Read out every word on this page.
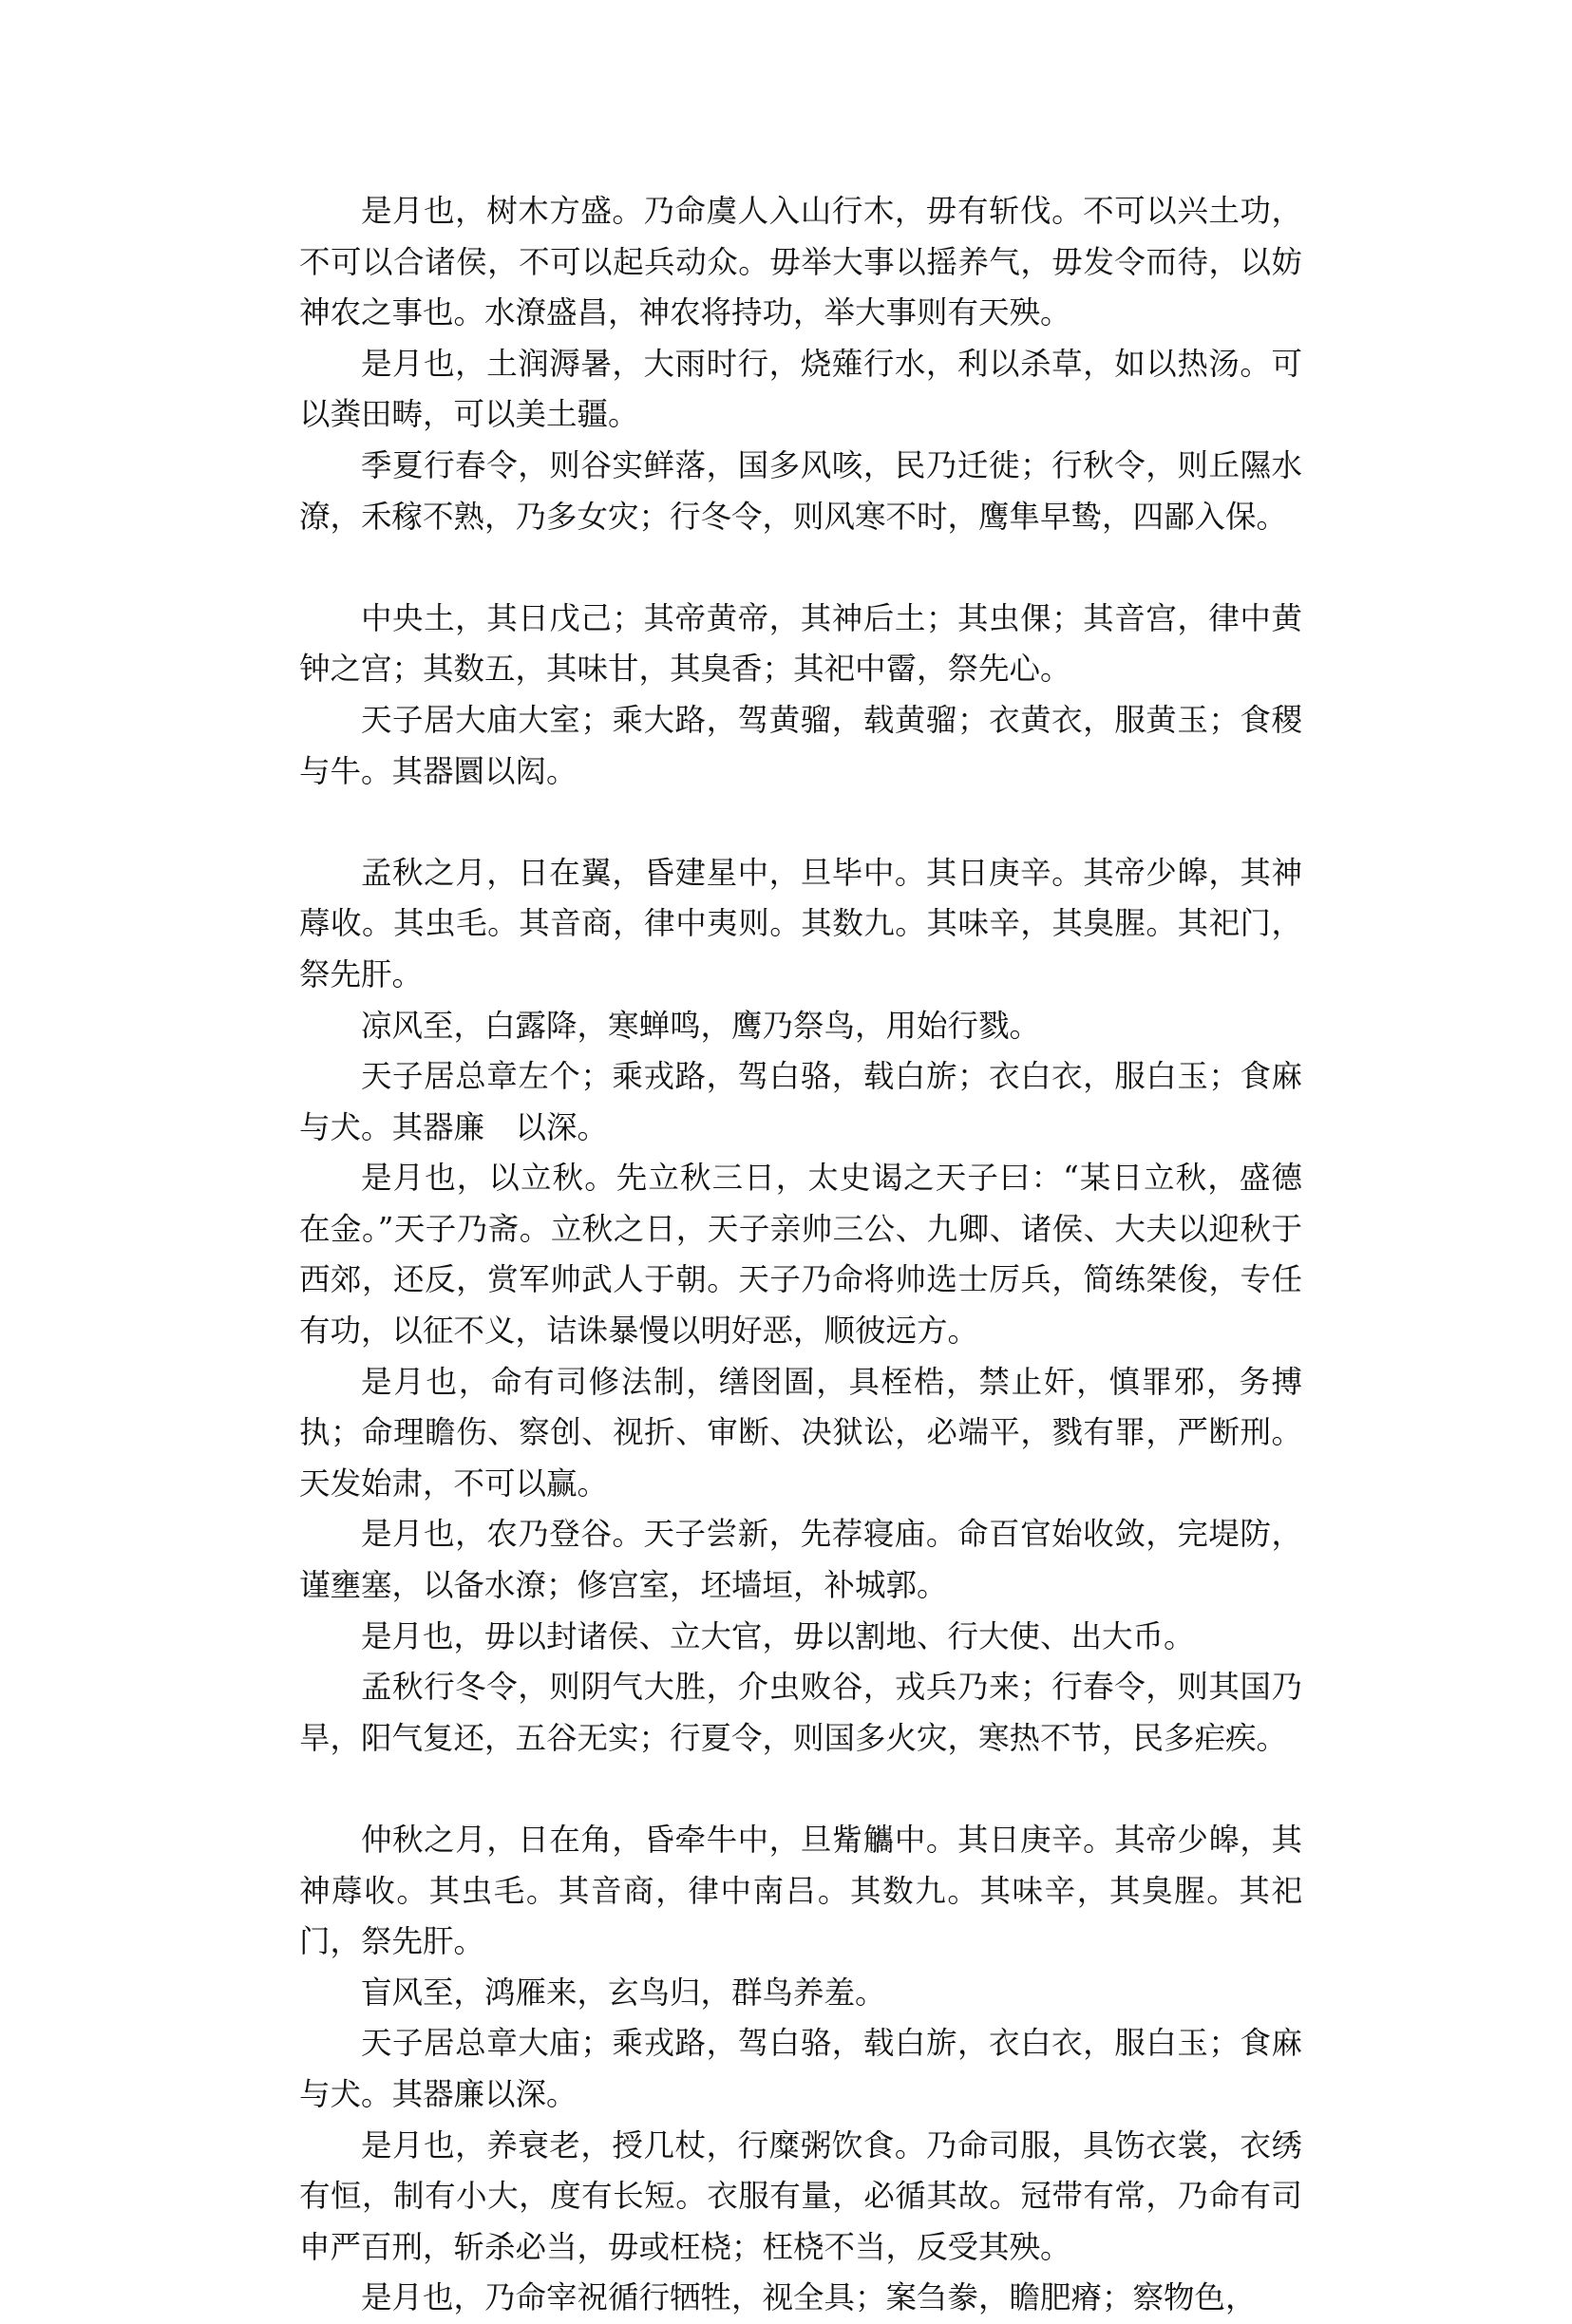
是月也，树木方盛。乃命虞人入山行木，毋有斩伐。不可以兴土功，不可以合诸侯，不可以起兵动众。毋举大事以摇养气，毋发令而待，以妨神农之事也。水潦盛昌，神农将持功，举大事则有天殃。

是月也，土润溽暑，大雨时行，烧薙行水，利以杀草，如以热汤。可以粪田畴，可以美土疆。

季夏行春令，则谷实鲜落，国多风咳，民乃迁徙；行秋令，则丘隰水潦，禾稼不熟，乃多女灾；行冬令，则风寒不时，鹰隼早鸷，四鄙入保。

中央土，其日戊己；其帝黄帝，其神后土；其虫倮；其音宫，律中黄钟之宫；其数五，其味甘，其臭香；其祀中霤，祭先心。

天子居大庙大室；乘大路，驾黄骝，载黄骝；衣黄衣，服黄玉；食稷与牛。其器圜以闳。

孟秋之月，日在翼，昏建星中，旦毕中。其日庚辛。其帝少皞，其神蓐收。其虫毛。其音商，律中夷则。其数九。其味辛，其臭腥。其祀门，祭先肝。

凉风至，白露降，寒蝉鸣，鹰乃祭鸟，用始行戮。

天子居总章左个；乘戎路，驾白骆，载白旂；衣白衣，服白玉；食麻与犬。其器廉　以深。

是月也，以立秋。先立秋三日，太史谒之天子曰：“某日立秋，盛德在金。”天子乃斋。立秋之日，天子亲帅三公、九卿、诸侯、大夫以迎秋于西郊，还反，赏军帅武人于朝。天子乃命将帅选士厉兵，简练桀俊，专任有功，以征不义，诘诛暴慢以明好恶，顺彼远方。

是月也，命有司修法制，缮囹圄，具桎梏，禁止奸，慎罪邪，务搏执；命理瞻伤、察创、视折、审断、决狱讼，必端平，戮有罪，严断刑。天发始肃，不可以赢。

是月也，农乃登谷。天子尝新，先荐寝庙。命百官始收敛，完堤防，谨壅塞，以备水潦；修宫室，坯墙垣，补城郭。

是月也，毋以封诸侯、立大官，毋以割地、行大使、出大币。

孟秋行冬令，则阴气大胜，介虫败谷，戎兵乃来；行春令，则其国乃旱，阳气复还，五谷无实；行夏令，则国多火灾，寒热不节，民多疟疾。

仲秋之月，日在角，昏牵牛中，旦觜觿中。其日庚辛。其帝少皞，其神蓐收。其虫毛。其音商，律中南吕。其数九。其味辛，其臭腥。其祀门，祭先肝。

盲风至，鸿雁来，玄鸟归，群鸟养羞。

天子居总章大庙；乘戎路，驾白骆，载白旂，衣白衣，服白玉；食麻与犬。其器廉以深。

是月也，养衰老，授几杖，行糜粥饮食。乃命司服，具饬衣裳，衣绣有恒，制有小大，度有长短。衣服有量，必循其故。冠带有常，乃命有司申严百刑，斩杀必当，毋或枉桡；枉桡不当，反受其殃。

是月也，乃命宰祝循行牺牲，视全具；案刍豢，瞻肥瘠；察物色，
